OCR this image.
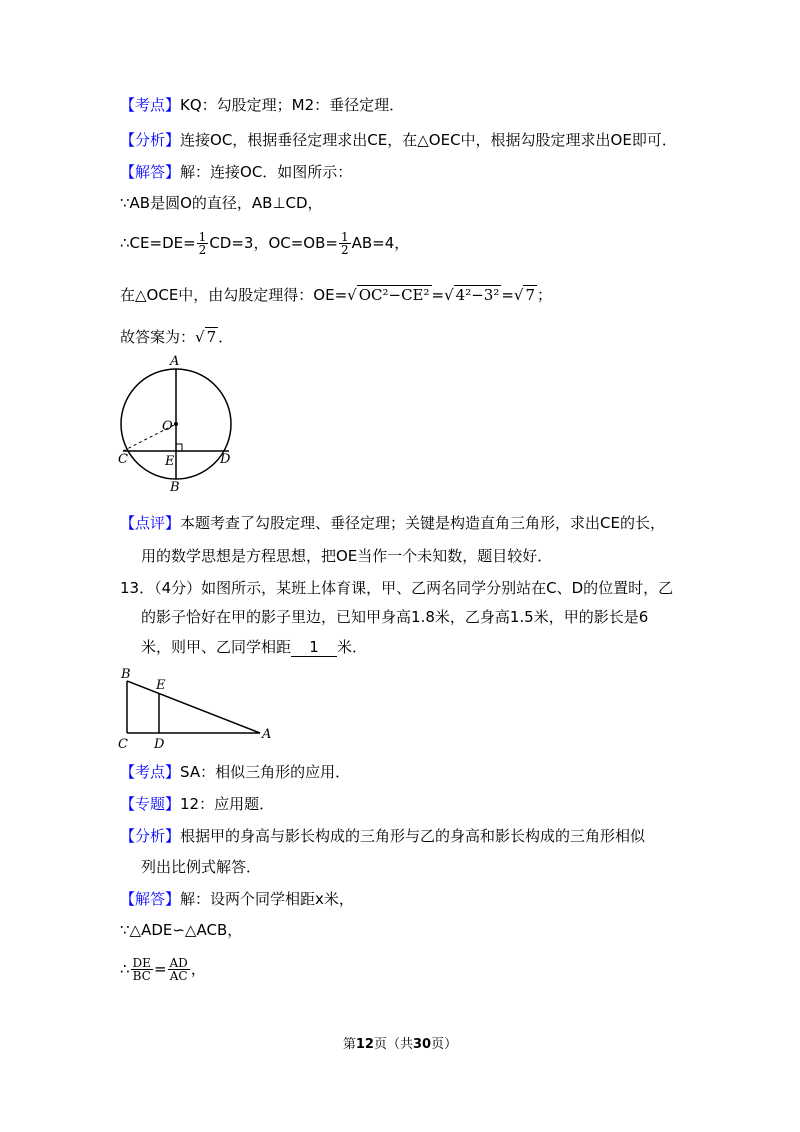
【考点】KQ：勾股定理；M2：垂径定理．
【分析】连接OC，根据垂径定理求出CE，在△OEC中，根据勾股定理求出OE即可．
【解答】解：连接OC．如图所示：
∵AB是圆O的直径，AB⊥CD，
∴CE=DE= $\frac{1}{2} CD=3$，$OC=OB= \frac{1}{2} AB=4$，
在△OCE中，由勾股定理得：OE=√ OC²−CE² =√ 4²−3² =√ 7 ；
故答案为：√ 7 ．
A
O
C	E	D
B
【点评】本题考查了勾股定理、垂径定理；关键是构造直角三角形，求出CE的长，
用的数学思想是方程思想，把OE当作一个未知数，题目较好．
13．（4分）如图所示，某班上体育课，甲、乙两名同学分别站在C、D的位置时，乙
的影子恰好在甲的影子里边，已知甲身高1.8米，乙身高1.5米，甲的影长是6
米，则甲、乙同学相距 1 米．
B
E
C D
A
【考点】SA：相似三角形的应用．
【专题】12：应用题．
【分析】根据甲的身高与影长构成的三角形与乙的身高和影长构成的三角形相似
列出比例式解答．
【解答】解：设两个同学相距x米，
∵△ADE∽△ACB，
∴ $\frac{DE}{BC} = \frac{AD}{AC}$ ，
第12页（共30页）
